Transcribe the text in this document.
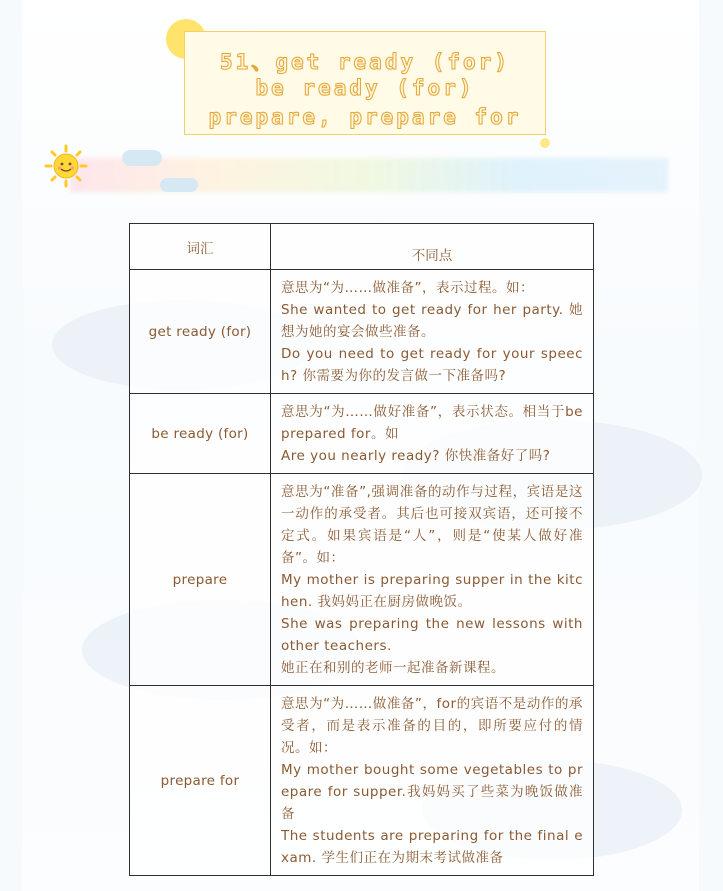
51、get ready (for)
be ready (for)
prepare, prepare for
词汇	不同点
get ready (for)	意思为“为……做准备”，表示过程。如：

She wanted to get ready for her party. 她想为她的宴会做些准备。

Do you need to get ready for your speech? 你需要为你的发言做一下准备吗?

be ready (for)	意思为“为……做好准备”，表示状态。相当于be prepared for。如

Are you nearly ready? 你快准备好了吗?

prepare	意思为“准备”,强调准备的动作与过程，宾语是这一动作的承受者。其后也可接双宾语，还可接不定式。如果宾语是“人”，则是“使某人做好准备”。如：

My mother is preparing supper in the kitchen. 我妈妈正在厨房做晚饭。

She was preparing the new lessons with other teachers.

她正在和别的老师一起准备新课程。

prepare for	意思为“为……做准备”，for的宾语不是动作的承受者，而是表示准备的目的，即所要应付的情况。如：

My mother bought some vegetables to prepare for supper.我妈妈买了些菜为晚饭做准备

The students are preparing for the final exam. 学生们正在为期末考试做准备
